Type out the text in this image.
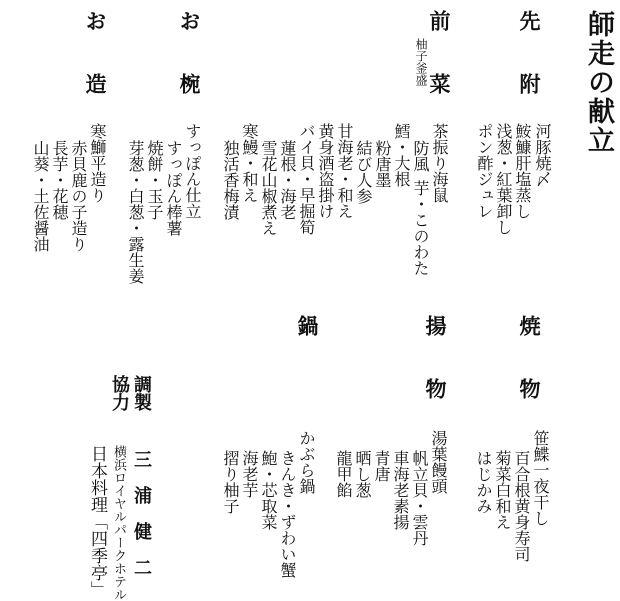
師走の献立
先　　附
河豚焼〆
鮟鱇肝塩蒸し
浅葱・紅葉卸し
ポン酢ジュレ
前　　菜
柚子釜盛
茶振り海鼠
防風
芋・このわた
鱈・大根
粉唐墨
結び人参
甘海老・和え
黄身酒盗掛け
バイ貝・早掘筍
蓮根・海老
雪花山椒煮え
寒鰻・和え
独活香梅漬
お　　椀
すっぽん仕立
すっぽん棒薯
焼餅・玉子
芽葱・白葱・露生姜
お　　造
寒鰤平造り
赤貝鹿の子造り
長芋・花穂
山葵・土佐醤油
焼　　物
笹鰈一夜干し
百合根黄身寿司
菊菜白和え
はじかみ
揚　　物
湯葉饅頭
帆立貝・雲丹
車海老素揚
青唐
晒し葱
龍甲餡
鍋
かぶら鍋
きんき・ずわい蟹
鮑・芯取菜
海老芋
摺り柚子
調製
協力
三　浦　健　二
横浜ロイヤルパークホテル
日本料理「四季亭」
